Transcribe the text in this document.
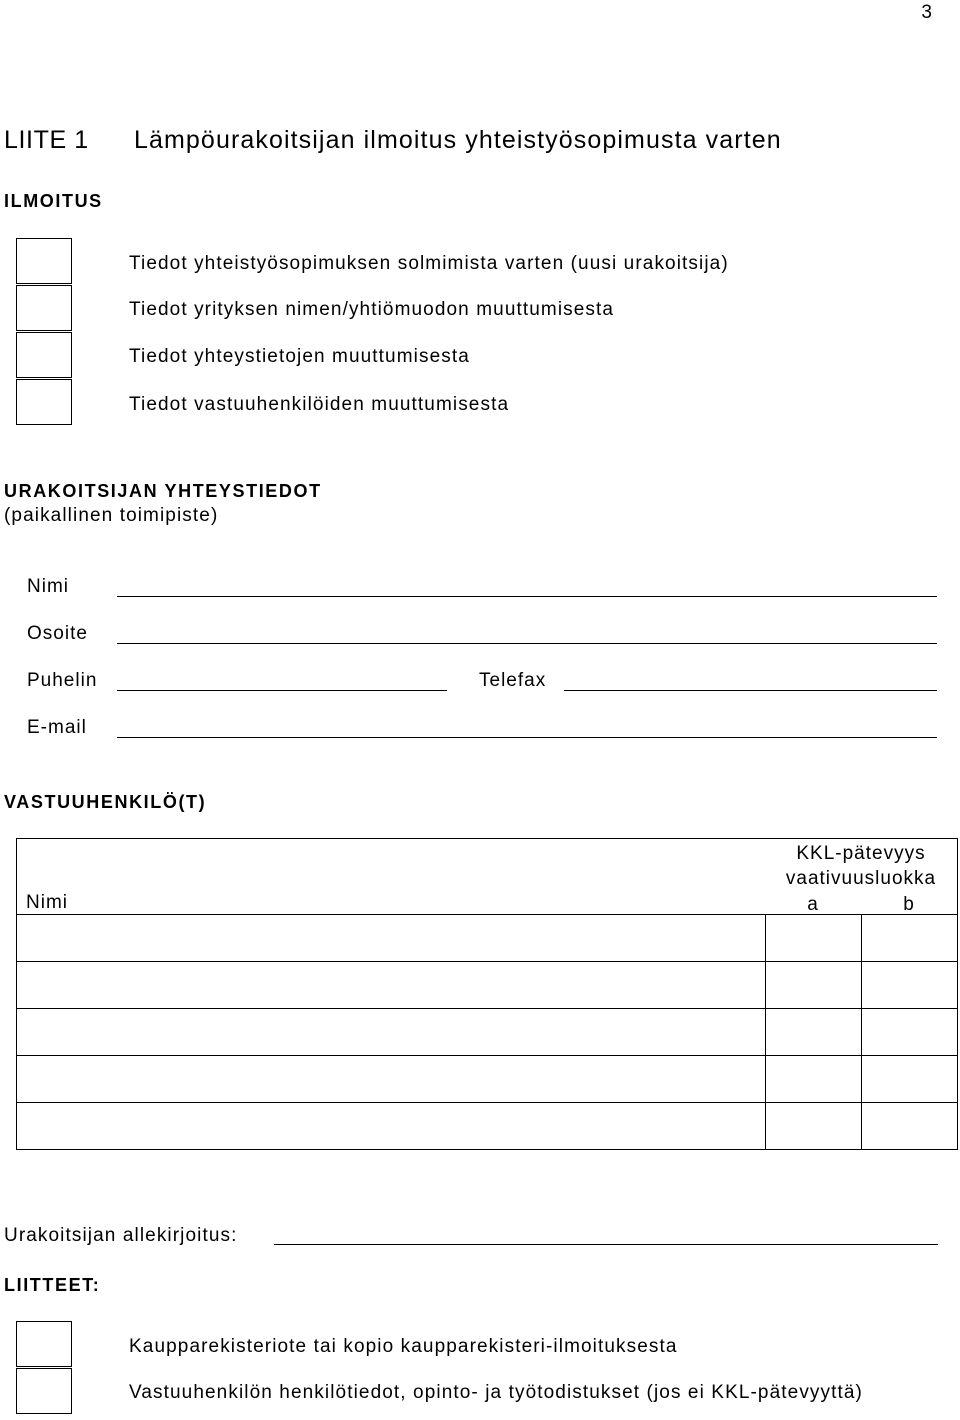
3
LIITE 1 Lämpöurakoitsijan ilmoitus yhteistyösopimusta varten
ILMOITUS
Tiedot yhteistyösopimuksen solmimista varten (uusi urakoitsija)
Tiedot yrityksen nimen/yhtiömuodon muuttumisesta
Tiedot yhteystietojen muuttumisesta
Tiedot vastuuhenkilöiden muuttumisesta
URAKOITSIJAN YHTEYSTIEDOT
(paikallinen toimipiste)
Nimi
Osoite
Puhelin	Telefax
E-mail
VASTUUHENKILÖ(T)
Nimi
KKL-pätevyys
vaativuusluokka
a	b
Urakoitsijan allekirjoitus:
LIITTEET:
Kaupparekisteriote tai kopio kaupparekisteri-ilmoituksesta
Vastuuhenkilön henkilötiedot, opinto- ja työtodistukset (jos ei KKL-pätevyyttä)
